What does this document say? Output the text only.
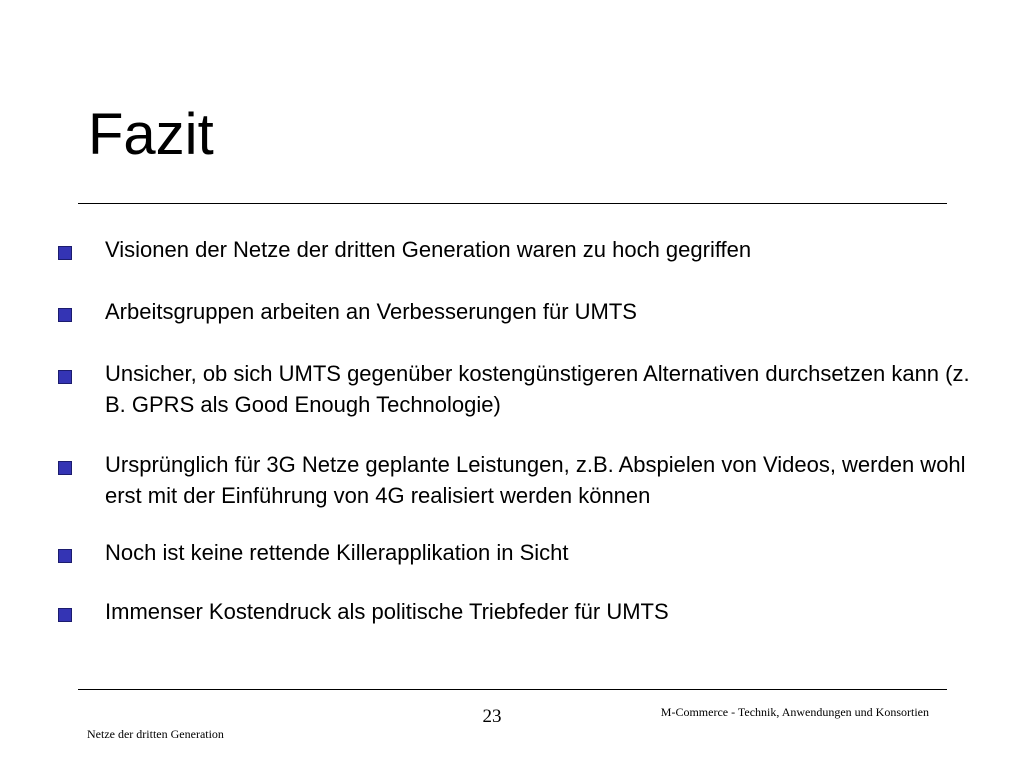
Fazit
Visionen der Netze der dritten Generation waren zu hoch gegriffen
Arbeitsgruppen arbeiten an Verbesserungen für UMTS
Unsicher, ob sich UMTS gegenüber kostengünstigeren Alternativen durchsetzen kann (z. B. GPRS als Good Enough Technologie)
Ursprünglich für 3G Netze geplante Leistungen, z.B. Abspielen von Videos, werden wohl erst mit der Einführung von 4G realisiert werden können
Noch ist keine rettende Killerapplikation in Sicht
Immenser Kostendruck als politische Triebfeder für UMTS
23	M-Commerce - Technik, Anwendungen und Konsortien
Netze der dritten Generation
